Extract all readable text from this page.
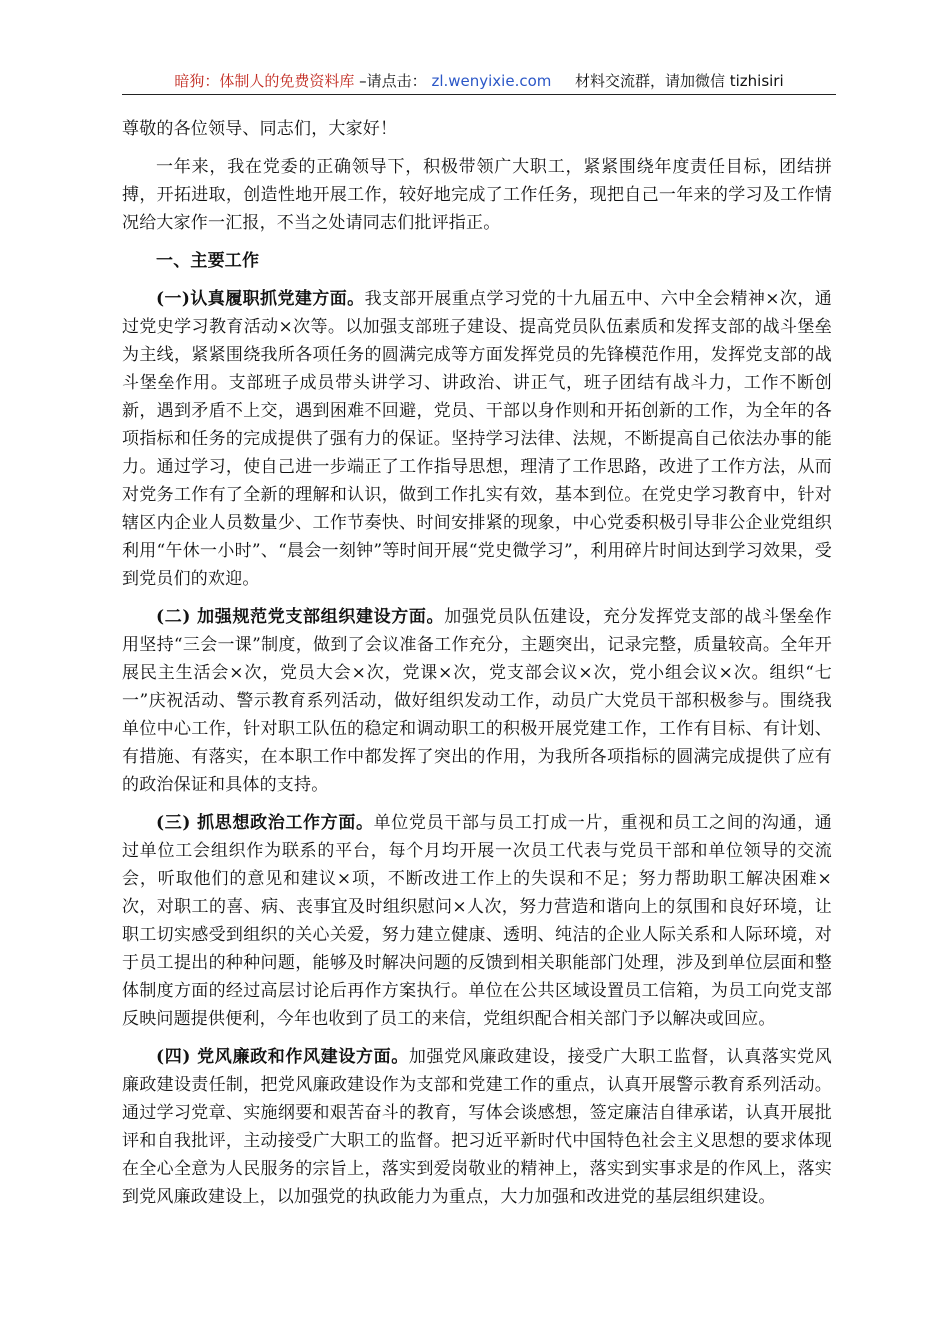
暗狗：体制人的免费资料库 –请点击： zl.wenyixie.com 材料交流群，请加微信 tizhisiri

尊敬的各位领导、同志们，大家好！

一年来，我在党委的正确领导下，积极带领广大职工，紧紧围绕年度责任目标，团结拼搏，开拓进取，创造性地开展工作，较好地完成了工作任务，现把自己一年来的学习及工作情况给大家作一汇报，不当之处请同志们批评指正。

一、主要工作

(一)认真履职抓党建方面。我支部开展重点学习党的十九届五中、六中全会精神×次，通过党史学习教育活动×次等。以加强支部班子建设、提高党员队伍素质和发挥支部的战斗堡垒为主线，紧紧围绕我所各项任务的圆满完成等方面发挥党员的先锋模范作用，发挥党支部的战斗堡垒作用。支部班子成员带头讲学习、讲政治、讲正气，班子团结有战斗力，工作不断创新，遇到矛盾不上交，遇到困难不回避，党员、干部以身作则和开拓创新的工作，为全年的各项指标和任务的完成提供了强有力的保证。坚持学习法律、法规，不断提高自己依法办事的能力。通过学习，使自己进一步端正了工作指导思想，理清了工作思路，改进了工作方法，从而对党务工作有了全新的理解和认识，做到工作扎实有效，基本到位。在党史学习教育中，针对辖区内企业人员数量少、工作节奏快、时间安排紧的现象，中心党委积极引导非公企业党组织利用“午休一小时”、“晨会一刻钟”等时间开展“党史微学习”，利用碎片时间达到学习效果，受到党员们的欢迎。

(二) 加强规范党支部组织建设方面。加强党员队伍建设，充分发挥党支部的战斗堡垒作用坚持“三会一课”制度，做到了会议准备工作充分，主题突出，记录完整，质量较高。全年开展民主生活会×次，党员大会×次，党课×次，党支部会议×次，党小组会议×次。组织“七一”庆祝活动、警示教育系列活动，做好组织发动工作，动员广大党员干部积极参与。围绕我单位中心工作，针对职工队伍的稳定和调动职工的积极开展党建工作，工作有目标、有计划、有措施、有落实，在本职工作中都发挥了突出的作用，为我所各项指标的圆满完成提供了应有的政治保证和具体的支持。

(三) 抓思想政治工作方面。单位党员干部与员工打成一片，重视和员工之间的沟通，通过单位工会组织作为联系的平台，每个月均开展一次员工代表与党员干部和单位领导的交流会，听取他们的意见和建议×项，不断改进工作上的失误和不足；努力帮助职工解决困难×次，对职工的喜、病、丧事宜及时组织慰问×人次，努力营造和谐向上的氛围和良好环境，让职工切实感受到组织的关心关爱，努力建立健康、透明、纯洁的企业人际关系和人际环境，对于员工提出的种种问题，能够及时解决问题的反馈到相关职能部门处理，涉及到单位层面和整体制度方面的经过高层讨论后再作方案执行。单位在公共区域设置员工信箱，为员工向党支部反映问题提供便利，今年也收到了员工的来信，党组织配合相关部门予以解决或回应。

(四) 党风廉政和作风建设方面。加强党风廉政建设，接受广大职工监督，认真落实党风廉政建设责任制，把党风廉政建设作为支部和党建工作的重点，认真开展警示教育系列活动。通过学习党章、实施纲要和艰苦奋斗的教育，写体会谈感想，签定廉洁自律承诺，认真开展批评和自我批评，主动接受广大职工的监督。把习近平新时代中国特色社会主义思想的要求体现在全心全意为人民服务的宗旨上，落实到爱岗敬业的精神上，落实到实事求是的作风上，落实到党风廉政建设上，以加强党的执政能力为重点，大力加强和改进党的基层组织建设。
